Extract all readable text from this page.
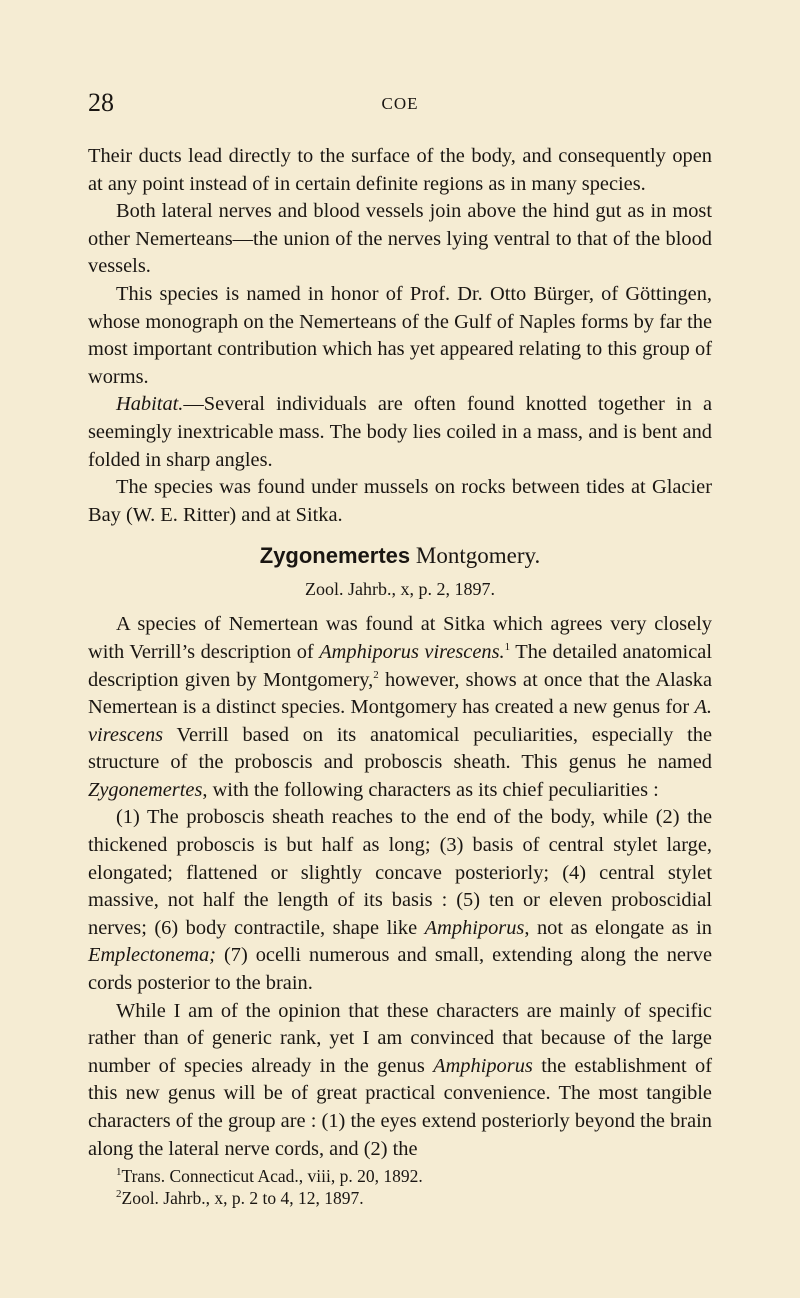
28	COE

Their ducts lead directly to the surface of the body, and consequently open at any point instead of in certain definite regions as in many species.

Both lateral nerves and blood vessels join above the hind gut as in most other Nemerteans—the union of the nerves lying ventral to that of the blood vessels.

This species is named in honor of Prof. Dr. Otto Bürger, of Göttingen, whose monograph on the Nemerteans of the Gulf of Naples forms by far the most important contribution which has yet appeared relating to this group of worms.

Habitat.—Several individuals are often found knotted together in a seemingly inextricable mass. The body lies coiled in a mass, and is bent and folded in sharp angles.

The species was found under mussels on rocks between tides at Glacier Bay (W. E. Ritter) and at Sitka.

Zygonemertes Montgomery.
Zool. Jahrb., x, p. 2, 1897.

A species of Nemertean was found at Sitka which agrees very closely with Verrill’s description of Amphiporus virescens.$^1$ The detailed anatomical description given by Montgomery,$^2$ however, shows at once that the Alaska Nemertean is a distinct species. Montgomery has created a new genus for A. virescens Verrill based on its anatomical peculiarities, especially the structure of the proboscis and proboscis sheath. This genus he named Zygonemertes, with the following characters as its chief peculiarities :

(1) The proboscis sheath reaches to the end of the body, while (2) the thickened proboscis is but half as long; (3) basis of central stylet large, elongated; flattened or slightly concave posteriorly; (4) central stylet massive, not half the length of its basis : (5) ten or eleven proboscidial nerves; (6) body contractile, shape like Amphiporus, not as elongate as in Emplectonema; (7) ocelli numerous and small, extending along the nerve cords posterior to the brain.

While I am of the opinion that these characters are mainly of specific rather than of generic rank, yet I am convinced that because of the large number of species already in the genus Amphiporus the establishment of this new genus will be of great practical convenience. The most tangible characters of the group are : (1) the eyes extend posteriorly beyond the brain along the lateral nerve cords, and (2) the

$^1$Trans. Connecticut Acad., viii, p. 20, 1892.
$^2$Zool. Jahrb., x, p. 2 to 4, 12, 1897.
